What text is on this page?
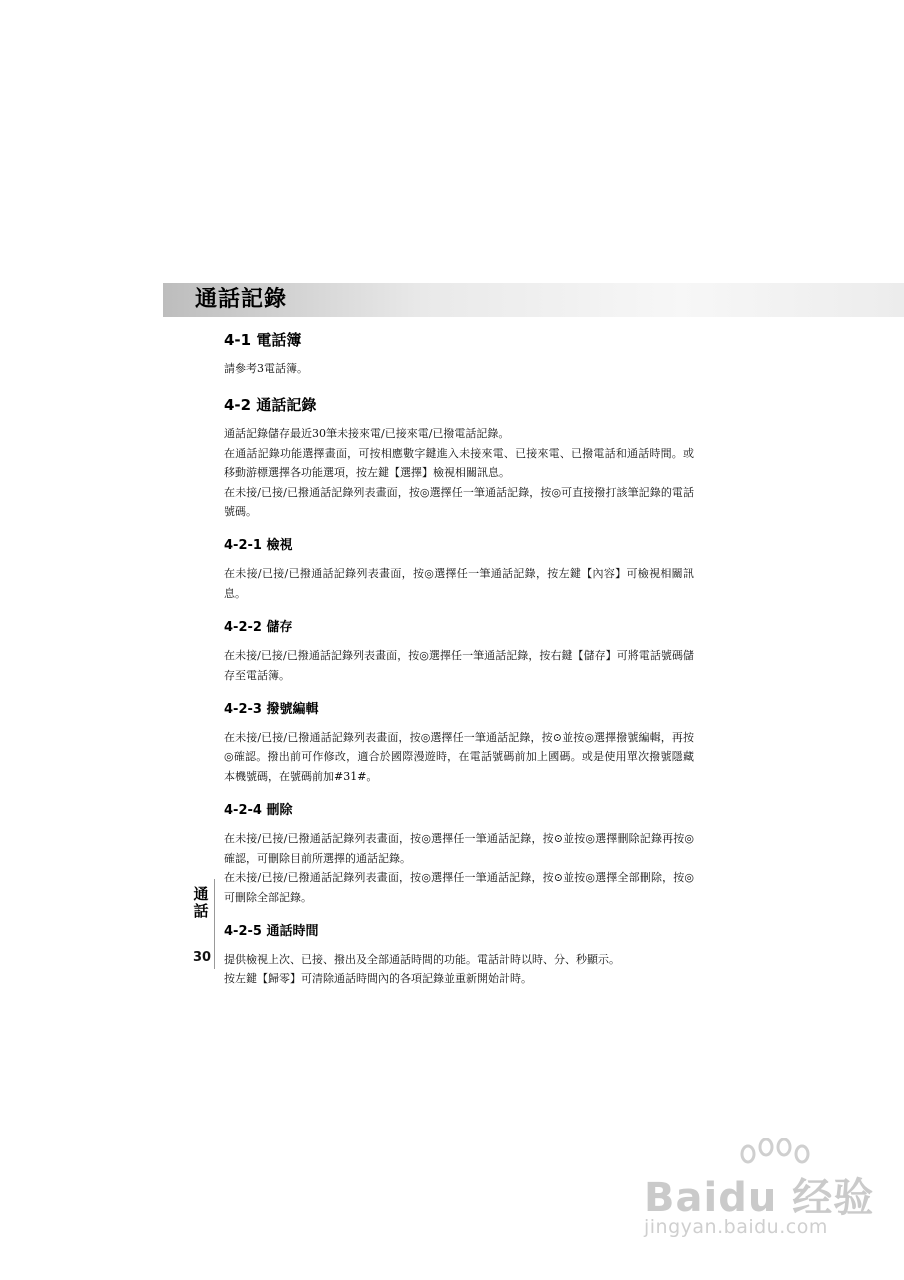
通話記錄
4-1 電話簿

請參考3電話簿。

4-2 通話記錄

通話記錄儲存最近30筆未接來電/已接來電/已撥電話記錄。

在通話記錄功能選擇畫面，可按相應數字鍵進入未接來電、已接來電、已撥電話和通話時間。或移動游標選擇各功能選項，按左鍵【選擇】檢視相關訊息。

在未接/已接/已撥通話記錄列表畫面，按◎選擇任一筆通話記錄，按◎可直接撥打該筆記錄的電話號碼。

4-2-1 檢視

在未接/已接/已撥通話記錄列表畫面，按◎選擇任一筆通話記錄，按左鍵【內容】可檢視相關訊息。

4-2-2 儲存

在未接/已接/已撥通話記錄列表畫面，按◎選擇任一筆通話記錄，按右鍵【儲存】可將電話號碼儲存至電話簿。

4-2-3 撥號編輯

在未接/已接/已撥通話記錄列表畫面，按◎選擇任一筆通話記錄，按⊙並按◎選擇撥號編輯，再按◎確認。撥出前可作修改，適合於國際漫遊時，在電話號碼前加上國碼。或是使用單次撥號隱藏本機號碼，在號碼前加#31#。

4-2-4 刪除

在未接/已接/已撥通話記錄列表畫面，按◎選擇任一筆通話記錄，按⊙並按◎選擇刪除記錄再按◎確認，可刪除目前所選擇的通話記錄。

在未接/已接/已撥通話記錄列表畫面，按◎選擇任一筆通話記錄，按⊙並按◎選擇全部刪除，按◎可刪除全部記錄。

4-2-5 通話時間

提供檢視上次、已接、撥出及全部通話時間的功能。電話計時以時、分、秒顯示。

按左鍵【歸零】可清除通話時間內的各項記錄並重新開始計時。

通
話
30
Baidu 经验
jingyan.baidu.com
